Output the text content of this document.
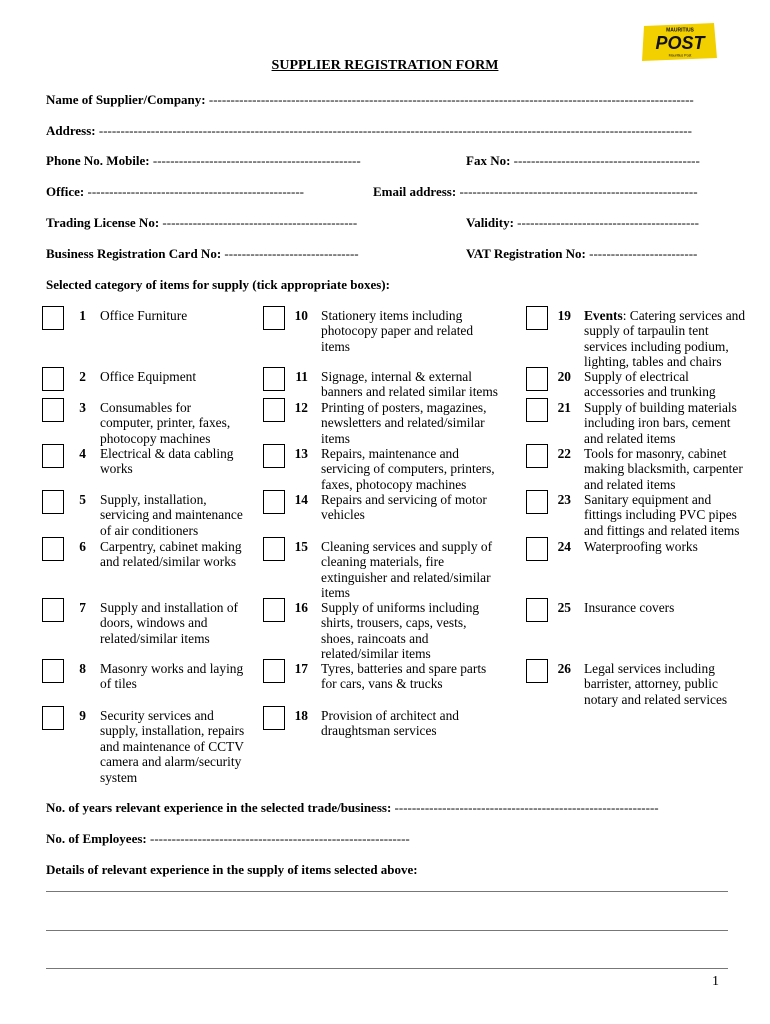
MAURITIUS
POST
Mauritius Post
SUPPLIER REGISTRATION FORM
Name of Supplier/Company: ----------------------------------------------------------------------------------------------------------------
Address: -----------------------------------------------------------------------------------------------------------------------------------------
Phone No. Mobile: ------------------------------------------------	Fax No: -------------------------------------------
Office: --------------------------------------------------	Email address: -------------------------------------------------------
Trading License No: ---------------------------------------------	Validity: ------------------------------------------
Business Registration Card No: -------------------------------	VAT Registration No: -------------------------
Selected category of items for supply (tick appropriate boxes):
1 Office Furniture
2 Office Equipment
3 Consumables for
computer, printer, faxes,
photocopy machines
4 Electrical & data cabling
works
5 Supply, installation,
servicing and maintenance
of air conditioners
6 Carpentry, cabinet making
and related/similar works
7 Supply and installation of
doors, windows and
related/similar items
8 Masonry works and laying
of tiles
9 Security services and
supply, installation, repairs
and maintenance of CCTV
camera and alarm/security
system
10 Stationery items including
photocopy paper and related
items
11 Signage, internal & external
banners and related similar items
12 Printing of posters, magazines,
newsletters and related/similar
items
13 Repairs, maintenance and
servicing of computers, printers,
faxes, photocopy machines
14 Repairs and servicing of motor
vehicles
15 Cleaning services and supply of
cleaning materials, fire
extinguisher and related/similar
items
16 Supply of uniforms including
shirts, trousers, caps, vests,
shoes, raincoats and
related/similar items
17 Tyres, batteries and spare parts
for cars, vans & trucks
18 Provision of architect and
draughtsman services
19 Events: Catering services and
supply of tarpaulin tent
services including podium,
lighting, tables and chairs
20 Supply of electrical
accessories and trunking
21 Supply of building materials
including iron bars, cement
and related items
22 Tools for masonry, cabinet
making blacksmith, carpenter
and related items
23 Sanitary equipment and
fittings including PVC pipes
and fittings and related items
24 Waterproofing works
25 Insurance covers
26 Legal services including
barrister, attorney, public
notary and related services
No. of years relevant experience in the selected trade/business: -------------------------------------------------------------
No. of Employees: ------------------------------------------------------------
Details of relevant experience in the supply of items selected above:
1
